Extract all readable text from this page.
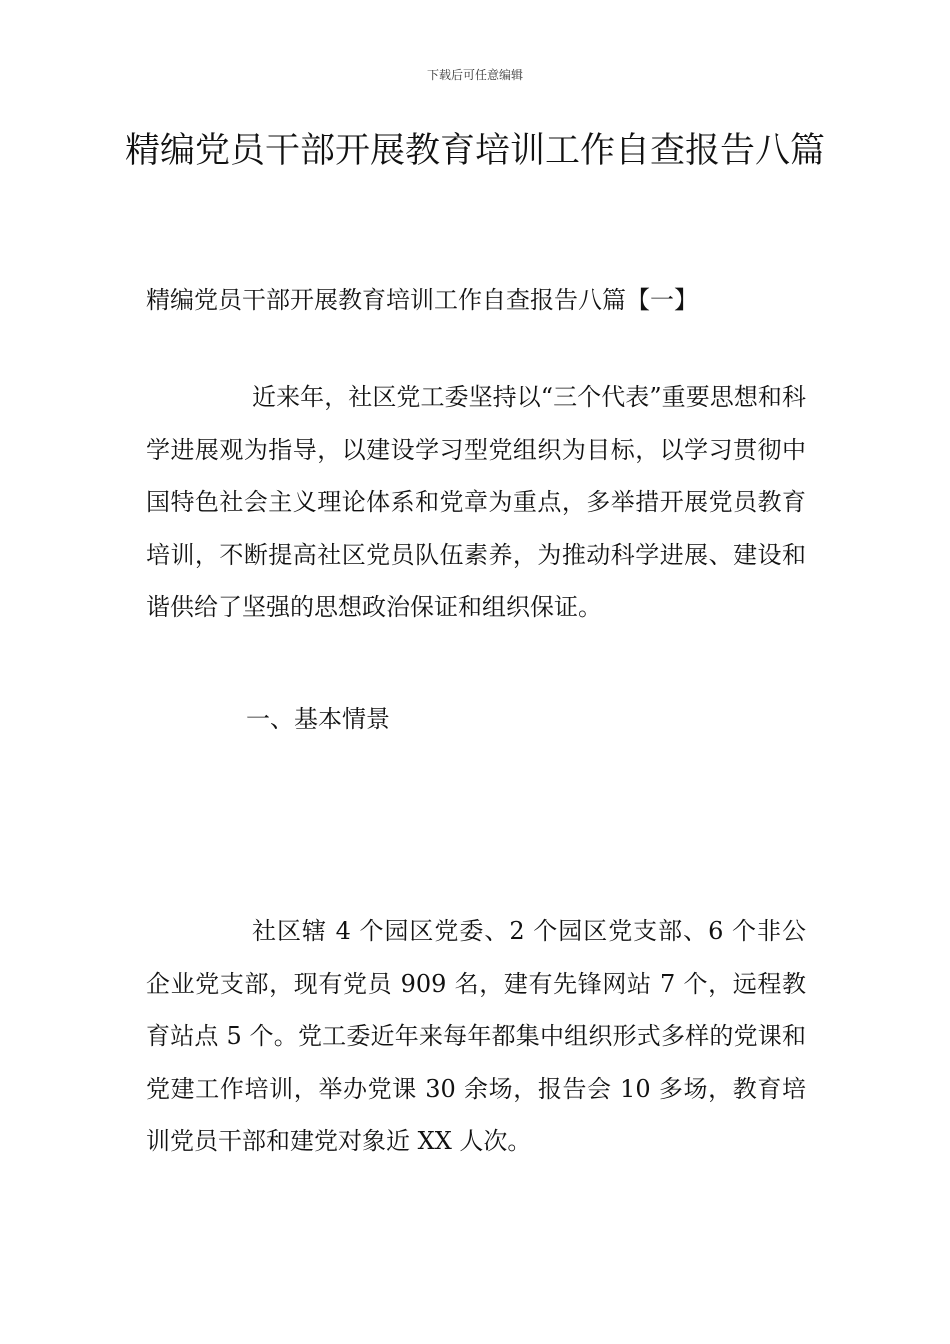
下载后可任意编辑
精编党员干部开展教育培训工作自查报告八篇
精编党员干部开展教育培训工作自查报告八篇【一】
近来年，社区党工委坚持以“三个代表”重要思想和科学进展观为指导，以建设学习型党组织为目标，以学习贯彻中国特色社会主义理论体系和党章为重点，多举措开展党员教育培训，不断提高社区党员队伍素养，为推动科学进展、建设和谐供给了坚强的思想政治保证和组织保证。
一、基本情景
社区辖 4 个园区党委、2 个园区党支部、6 个非公企业党支部，现有党员 909 名，建有先锋网站 7 个，远程教育站点 5 个。党工委近年来每年都集中组织形式多样的党课和党建工作培训，举办党课 30 余场，报告会 10 多场，教育培训党员干部和建党对象近 XX 人次。
